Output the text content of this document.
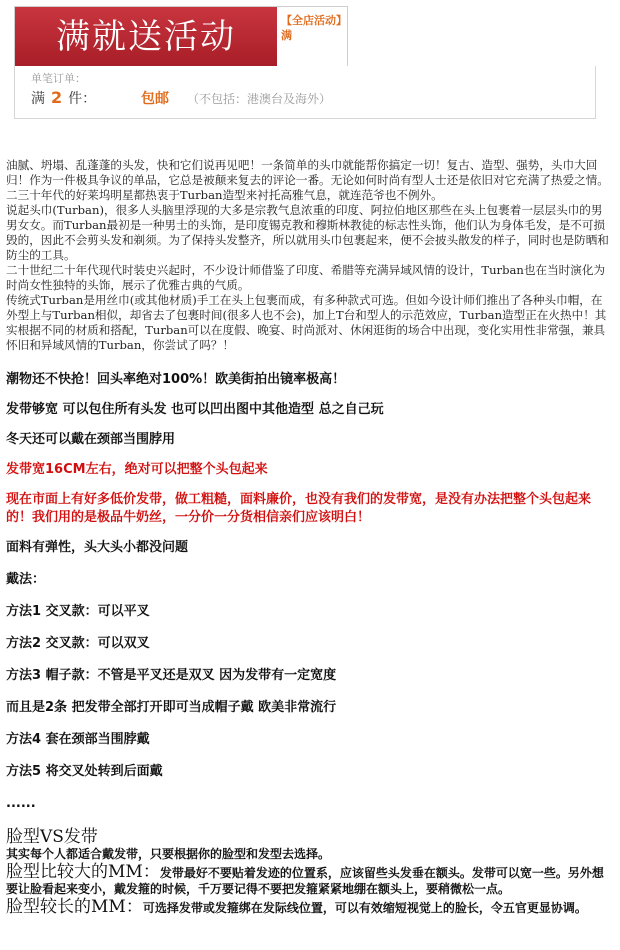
满就送活动	【全店活动】满
单笔订单：
满 2 件：	包邮 （不包括：港澳台及海外）

油腻、坍塌、乱蓬蓬的头发，快和它们说再见吧！一条简单的头巾就能帮你搞定一切！复古、造型、强势，头巾大回归！作为一件极具争议的单品，它总是被颠来复去的评论一番。无论如何时尚有型人士还是依旧对它充满了热爱之情。

二三十年代的好莱坞明星都热衷于Turban造型来衬托高雅气息，就连范爷也不例外。

说起头巾(Turban)，很多人头脑里浮现的大多是宗教气息浓重的印度、阿拉伯地区那些在头上包裹着一层层头巾的男男女女。而Turban最初是一种男士的头饰，是印度锡克教和穆斯林教徒的标志性头饰，他们认为身体毛发，是不可损毁的，因此不会剪头发和剃须。为了保持头发整齐，所以就用头巾包裹起来，便不会披头散发的样子，同时也是防晒和防尘的工具。

二十世纪二十年代现代时装史兴起时，不少设计师借鉴了印度、希腊等充满异域风情的设计，Turban也在当时演化为时尚女性独特的头饰，展示了优雅古典的气质。

传统式Turban是用丝巾(或其他材质)手工在头上包裹而成，有多种款式可选。但如今设计师们推出了各种头巾帽，在外型上与Turban相似，却省去了包裹时间(很多人也不会)，加上T台和型人的示范效应，Turban造型正在火热中！其实根据不同的材质和搭配，Turban可以在度假、晚宴、时尚派对、休闲逛街的场合中出现，变化实用性非常强，兼具怀旧和异域风情的Turban，你尝试了吗？！

潮物还不快抢！回头率绝对100%！欧美街拍出镜率极高！

发带够宽 可以包住所有头发 也可以凹出图中其他造型 总之自己玩

冬天还可以戴在颈部当围脖用

发带宽16CM左右，绝对可以把整个头包起来

现在市面上有好多低价发带，做工粗糙，面料廉价，也没有我们的发带宽，是没有办法把整个头包起来的！我们用的是极品牛奶丝，一分价一分货相信亲们应该明白！

面料有弹性，头大头小都没问题

戴法：

方法1 交叉款：可以平叉

方法2 交叉款：可以双叉

方法3 帽子款：不管是平叉还是双叉 因为发带有一定宽度

而且是2条 把发带全部打开即可当成帽子戴 欧美非常流行

方法4 套在颈部当围脖戴

方法5 将交叉处转到后面戴

......

脸型VS发带

其实每个人都适合戴发带，只要根据你的脸型和发型去选择。

脸型比较大的MM：发带最好不要贴着发迹的位置系，应该留些头发垂在额头。发带可以宽一些。另外想要让脸看起来变小，戴发箍的时候，千万要记得不要把发箍紧紧地绷在额头上，要稍微松一点。

脸型较长的MM：可选择发带或发箍绑在发际线位置，可以有效缩短视觉上的脸长，令五官更显协调。
